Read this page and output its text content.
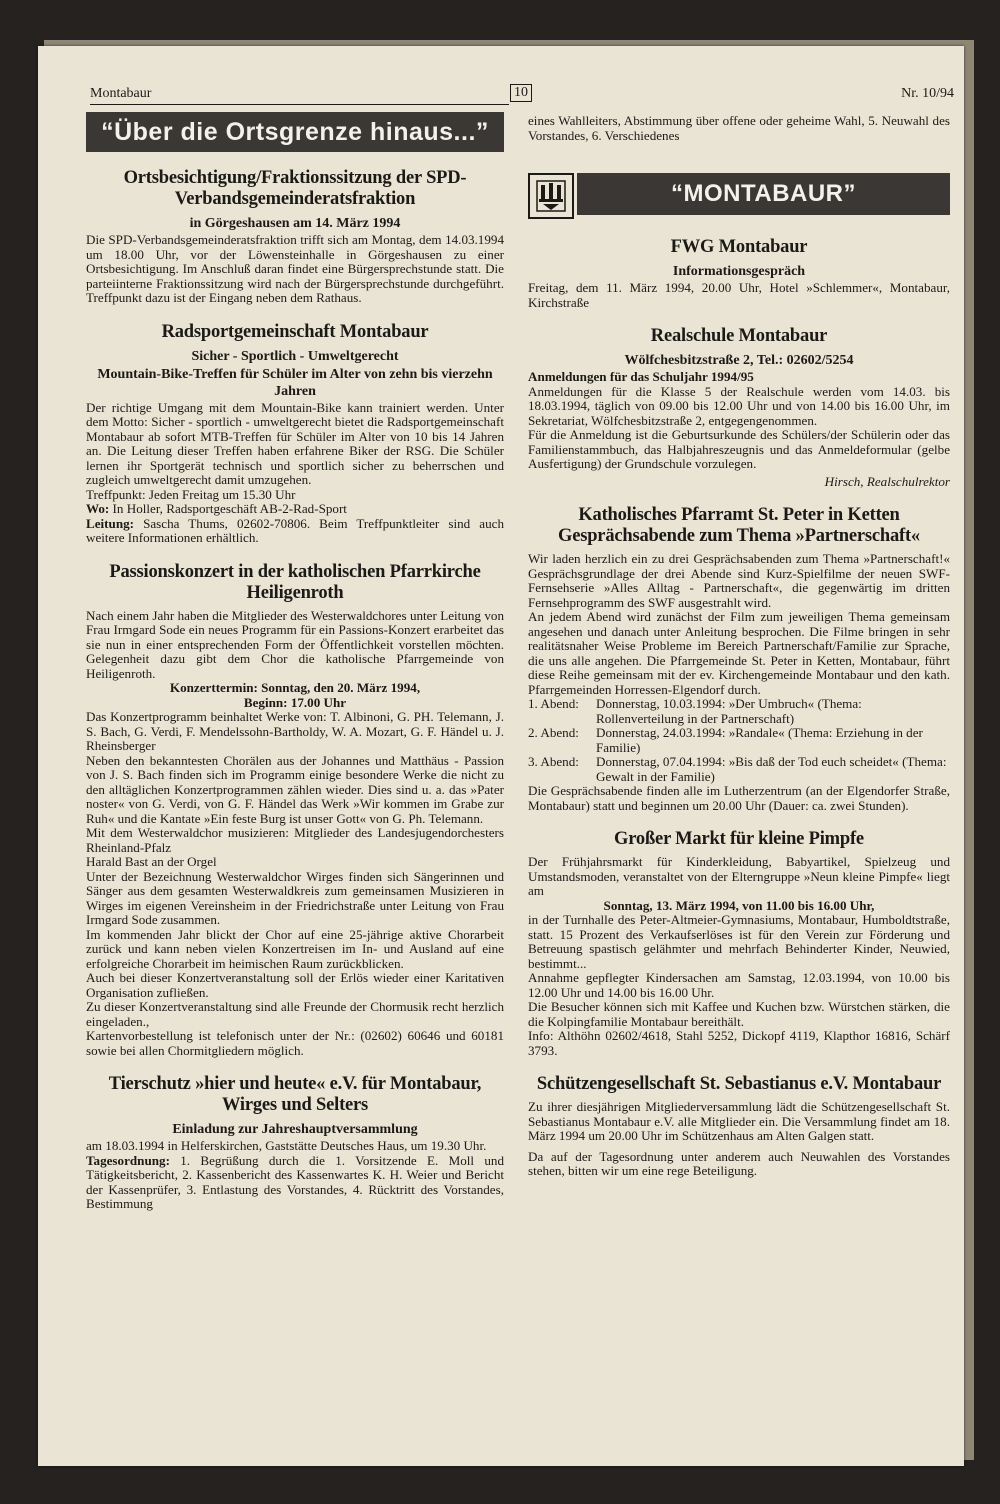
Montabaur	10	Nr. 10/94
“Über die Ortsgrenze hinaus...”
Ortsbesichtigung/Fraktionssitzung der SPD-Verbandsgemeinderatsfraktion
in Görgeshausen am 14. März 1994

Die SPD-Verbandsgemeinderatsfraktion trifft sich am Montag, dem 14.03.1994 um 18.00 Uhr, vor der Löwensteinhalle in Görgeshausen zu einer Ortsbesichtigung. Im Anschluß daran findet eine Bürgersprechstunde statt. Die parteiinterne Fraktionssitzung wird nach der Bürgersprechstunde durchgeführt. Treffpunkt dazu ist der Eingang neben dem Rathaus.

Radsportgemeinschaft Montabaur
Sicher - Sportlich - Umweltgerecht
Mountain-Bike-Treffen für Schüler im Alter von zehn bis vierzehn Jahren

Der richtige Umgang mit dem Mountain-Bike kann trainiert werden. Unter dem Motto: Sicher - sportlich - umweltgerecht bietet die Radsportgemeinschaft Montabaur ab sofort MTB-Treffen für Schüler im Alter von 10 bis 14 Jahren an. Die Leitung dieser Treffen haben erfahrene Biker der RSG. Die Schüler lernen ihr Sportgerät technisch und sportlich sicher zu beherrschen und zugleich umweltgerecht damit umzugehen.

Treffpunkt: Jeden Freitag um 15.30 Uhr

Wo: In Holler, Radsportgeschäft AB-2-Rad-Sport

Leitung: Sascha Thums, 02602-70806. Beim Treffpunktleiter sind auch weitere Informationen erhältlich.

Passionskonzert in der katholischen Pfarrkirche Heiligenroth

Nach einem Jahr haben die Mitglieder des Westerwaldchores unter Leitung von Frau Irmgard Sode ein neues Programm für ein Passions-Konzert erarbeitet das sie nun in einer entsprechenden Form der Öffentlichkeit vorstellen möchten. Gelegenheit dazu gibt dem Chor die katholische Pfarrgemeinde von Heiligenroth.

Konzerttermin: Sonntag, den 20. März 1994,

Beginn: 17.00 Uhr

Das Konzertprogramm beinhaltet Werke von: T. Albinoni, G. PH. Telemann, J. S. Bach, G. Verdi, F. Mendelssohn-Bartholdy, W. A. Mozart, G. F. Händel u. J. Rheinsberger

Neben den bekanntesten Chorälen aus der Johannes und Matthäus - Passion von J. S. Bach finden sich im Programm einige besondere Werke die nicht zu den alltäglichen Konzertprogrammen zählen wieder. Dies sind u. a. das »Pater noster« von G. Verdi, von G. F. Händel das Werk »Wir kommen im Grabe zur Ruh« und die Kantate »Ein feste Burg ist unser Gott« von G. Ph. Telemann.

Mit dem Westerwaldchor musizieren: Mitglieder des Landesjugendorchesters Rheinland-Pfalz

Harald Bast an der Orgel

Unter der Bezeichnung Westerwaldchor Wirges finden sich Sängerinnen und Sänger aus dem gesamten Westerwaldkreis zum gemeinsamen Musizieren in Wirges im eigenen Vereinsheim in der Friedrichstraße unter Leitung von Frau Irmgard Sode zusammen.

Im kommenden Jahr blickt der Chor auf eine 25-jährige aktive Chorarbeit zurück und kann neben vielen Konzertreisen im In- und Ausland auf eine erfolgreiche Chorarbeit im heimischen Raum zurückblicken.

Auch bei dieser Konzertveranstaltung soll der Erlös wieder einer Karitativen Organisation zufließen.

Zu dieser Konzertveranstaltung sind alle Freunde der Chormusik recht herzlich eingeladen.,

Kartenvorbestellung ist telefonisch unter der Nr.: (02602) 60646 und 60181 sowie bei allen Chormitgliedern möglich.

Tierschutz »hier und heute« e.V. für Montabaur, Wirges und Selters
Einladung zur Jahreshauptversammlung

am 18.03.1994 in Helferskirchen, Gaststätte Deutsches Haus, um 19.30 Uhr.

Tagesordnung: 1. Begrüßung durch die 1. Vorsitzende E. Moll und Tätigkeitsbericht, 2. Kassenbericht des Kassenwartes K. H. Weier und Bericht der Kassenprüfer, 3. Entlastung des Vorstandes, 4. Rücktritt des Vorstandes, Bestimmung

eines Wahlleiters, Abstimmung über offene oder geheime Wahl, 5. Neuwahl des Vorstandes, 6. Verschiedenes

“MONTABAUR”
FWG Montabaur
Informationsgespräch

Freitag, dem 11. März 1994, 20.00 Uhr, Hotel »Schlemmer«, Montabaur, Kirchstraße

Realschule Montabaur
Wölfchesbitzstraße 2, Tel.: 02602/5254

Anmeldungen für das Schuljahr 1994/95

Anmeldungen für die Klasse 5 der Realschule werden vom 14.03. bis 18.03.1994, täglich von 09.00 bis 12.00 Uhr und von 14.00 bis 16.00 Uhr, im Sekretariat, Wölfchesbitzstraße 2, entgegengenommen.

Für die Anmeldung ist die Geburtsurkunde des Schülers/der Schülerin oder das Familienstammbuch, das Halbjahreszeugnis und das Anmeldeformular (gelbe Ausfertigung) der Grundschule vorzulegen.

Hirsch, Realschulrektor

Katholisches Pfarramt St. Peter in Ketten Gesprächsabende zum Thema »Partnerschaft«

Wir laden herzlich ein zu drei Gesprächsabenden zum Thema »Partnerschaft!« Gesprächsgrundlage der drei Abende sind Kurz-Spielfilme der neuen SWF-Fernsehserie »Alles Alltag - Partnerschaft«, die gegenwärtig im dritten Fernsehprogramm des SWF ausgestrahlt wird.

An jedem Abend wird zunächst der Film zum jeweiligen Thema gemeinsam angesehen und danach unter Anleitung besprochen. Die Filme bringen in sehr realitätsnaher Weise Probleme im Bereich Partnerschaft/Familie zur Sprache, die uns alle angehen. Die Pfarrgemeinde St. Peter in Ketten, Montabaur, führt diese Reihe gemeinsam mit der ev. Kirchengemeinde Montabaur und den kath. Pfarrgemeinden Horressen-Elgendorf durch.

1. Abend:	Donnerstag, 10.03.1994: »Der Umbruch« (Thema: Rollenverteilung in der Partnerschaft)
2. Abend:	Donnerstag, 24.03.1994: »Randale« (Thema: Erziehung in der Familie)
3. Abend:	Donnerstag, 07.04.1994: »Bis daß der Tod euch scheidet« (Thema: Gewalt in der Familie)

Die Gesprächsabende finden alle im Lutherzentrum (an der Elgendorfer Straße, Montabaur) statt und beginnen um 20.00 Uhr (Dauer: ca. zwei Stunden).

Großer Markt für kleine Pimpfe

Der Frühjahrsmarkt für Kinderkleidung, Babyartikel, Spielzeug und Umstandsmoden, veranstaltet von der Elterngruppe »Neun kleine Pimpfe« liegt am

Sonntag, 13. März 1994, von 11.00 bis 16.00 Uhr,

in der Turnhalle des Peter-Altmeier-Gymnasiums, Montabaur, Humboldtstraße, statt. 15 Prozent des Verkaufserlöses ist für den Verein zur Förderung und Betreuung spastisch gelähmter und mehrfach Behinderter Kinder, Neuwied, bestimmt...

Annahme gepflegter Kindersachen am Samstag, 12.03.1994, von 10.00 bis 12.00 Uhr und 14.00 bis 16.00 Uhr.

Die Besucher können sich mit Kaffee und Kuchen bzw. Würstchen stärken, die die Kolpingfamilie Montabaur bereithält.

Info: Althöhn 02602/4618, Stahl 5252, Dickopf 4119, Klapthor 16816, Schärf 3793.

Schützengesellschaft St. Sebastianus e.V. Montabaur

Zu ihrer diesjährigen Mitgliederversammlung lädt die Schützengesellschaft St. Sebastianus Montabaur e.V. alle Mitglieder ein. Die Versammlung findet am 18. März 1994 um 20.00 Uhr im Schützenhaus am Alten Galgen statt.

Da auf der Tagesordnung unter anderem auch Neuwahlen des Vorstandes stehen, bitten wir um eine rege Beteiligung.
